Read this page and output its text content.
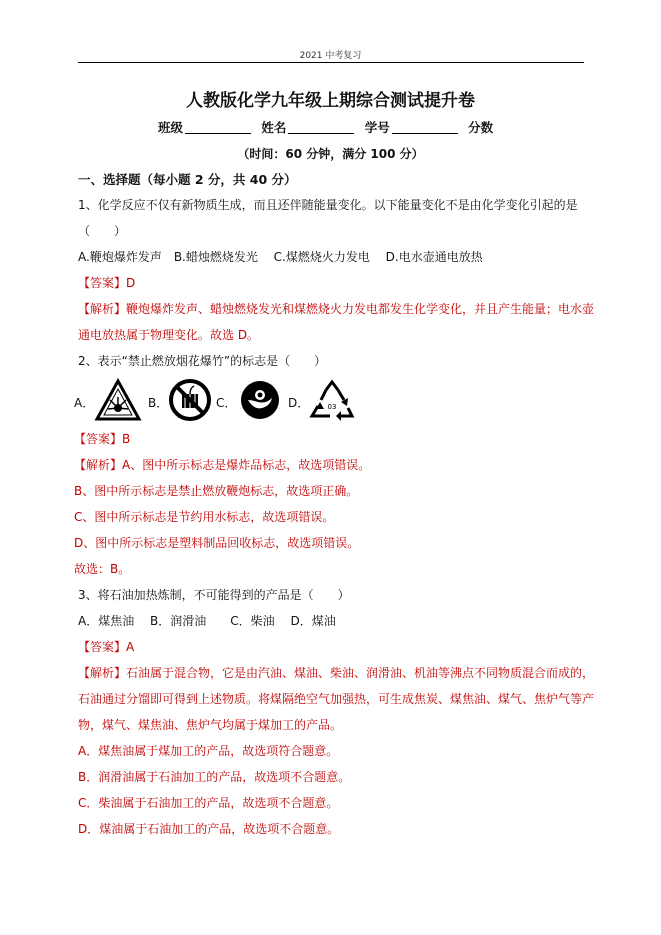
2021 中考复习
人教版化学九年级上期综合测试提升卷
班级	姓名	学号	分数
（时间：60 分钟，满分 100 分）
一、选择题（每小题 2 分，共 40 分）
1、化学反应不仅有新物质生成，而且还伴随能量变化。以下能量变化不是由化学变化引起的是
（　　）
A.鞭炮爆炸发声　B.蜡烛燃烧发光　 C.煤燃烧火力发电　 D.电水壶通电放热
【答案】D
【解析】鞭炮爆炸发声、蜡烛燃烧发光和煤燃烧火力发电都发生化学变化，并且产生能量；电水壶
通电放热属于物理变化。故选 D。
2、表示“禁止燃放烟花爆竹”的标志是（　　）
A．	B．	C．	D．	03
【答案】B
【解析】A、图中所示标志是爆炸品标志，故选项错误。
B、图中所示标志是禁止燃放鞭炮标志，故选项正确。
C、图中所示标志是节约用水标志，故选项错误。
D、图中所示标志是塑料制品回收标志，故选项错误。
故选：B。
3、将石油加热炼制，不可能得到的产品是（　　）
A．煤焦油　 B．润滑油　　C．柴油　 D．煤油
【答案】A
【解析】石油属于混合物，它是由汽油、煤油、柴油、润滑油、机油等沸点不同物质混合而成的，
石油通过分馏即可得到上述物质。将煤隔绝空气加强热，可生成焦炭、煤焦油、煤气、焦炉气等产
物，煤气、煤焦油、焦炉气均属于煤加工的产品。
A．煤焦油属于煤加工的产品，故选项符合题意。
B．润滑油属于石油加工的产品，故选项不合题意。
C．柴油属于石油加工的产品，故选项不合题意。
D．煤油属于石油加工的产品，故选项不合题意。
